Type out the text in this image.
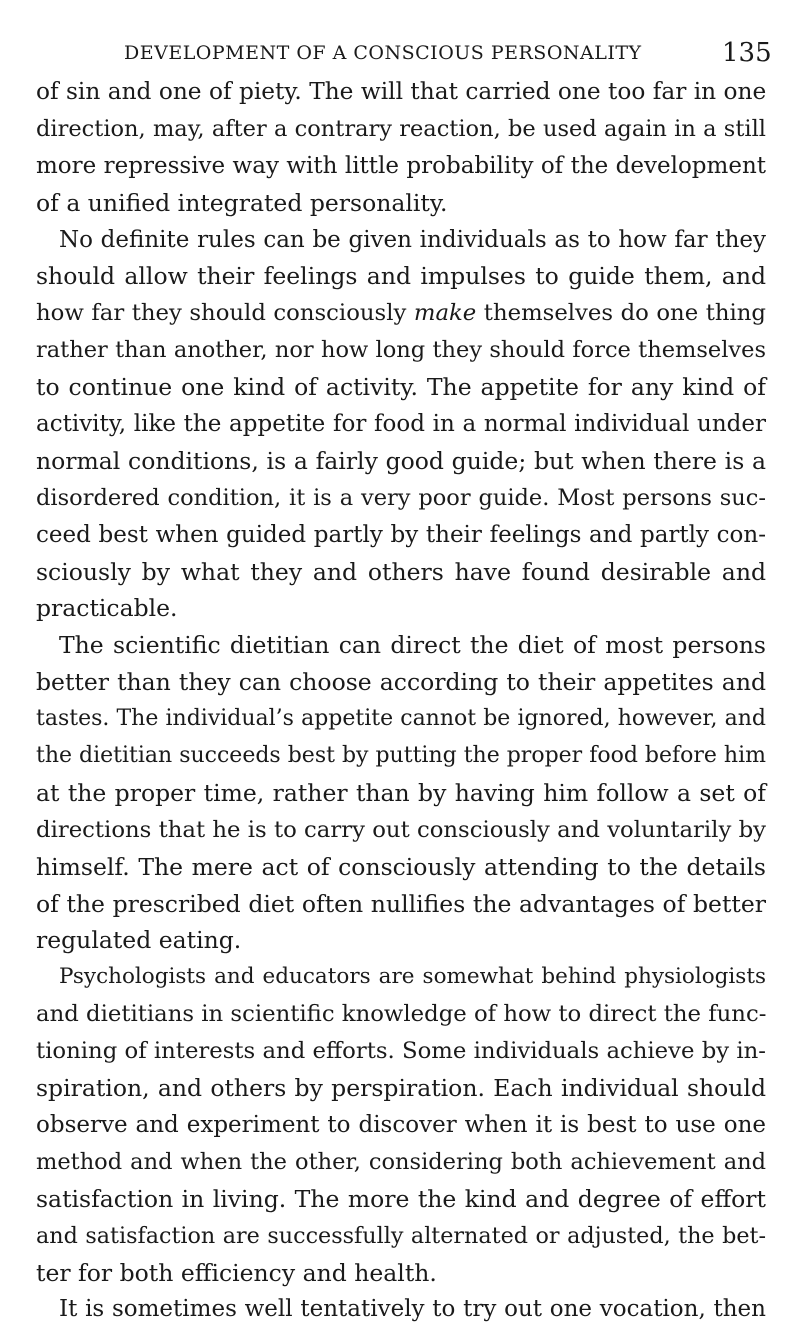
DEVELOPMENT OF A CONSCIOUS PERSONALITY	135
of sin and one of piety. The will that carried one too far in one
direction, may, after a contrary reaction, be used again in a still
more repressive way with little probability of the development
of a unified integrated personality.
No definite rules can be given individuals as to how far they
should allow their feelings and impulses to guide them, and
how far they should consciously make themselves do one thing
rather than another, nor how long they should force themselves
to continue one kind of activity. The appetite for any kind of
activity, like the appetite for food in a normal individual under
normal conditions, is a fairly good guide; but when there is a
disordered condition, it is a very poor guide. Most persons suc-
ceed best when guided partly by their feelings and partly con-
sciously by what they and others have found desirable and
practicable.
The scientific dietitian can direct the diet of most persons
better than they can choose according to their appetites and
tastes. The individual’s appetite cannot be ignored, however, and
the dietitian succeeds best by putting the proper food before him
at the proper time, rather than by having him follow a set of
directions that he is to carry out consciously and voluntarily by
himself. The mere act of consciously attending to the details
of the prescribed diet often nullifies the advantages of better
regulated eating.
Psychologists and educators are somewhat behind physiologists
and dietitians in scientific knowledge of how to direct the func-
tioning of interests and efforts. Some individuals achieve by in-
spiration, and others by perspiration. Each individual should
observe and experiment to discover when it is best to use one
method and when the other, considering both achievement and
satisfaction in living. The more the kind and degree of effort
and satisfaction are successfully alternated or adjusted, the bet-
ter for both efficiency and health.
It is sometimes well tentatively to try out one vocation, then
